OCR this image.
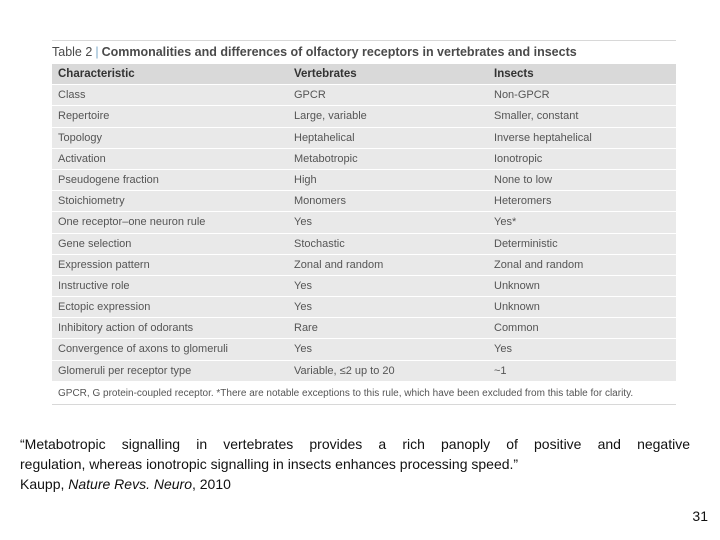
Table 2 | Commonalities and differences of olfactory receptors in vertebrates and insects
Characteristic	Vertebrates	Insects
Class	GPCR	Non-GPCR
Repertoire	Large, variable	Smaller, constant
Topology	Heptahelical	Inverse heptahelical
Activation	Metabotropic	Ionotropic
Pseudogene fraction	High	None to low
Stoichiometry	Monomers	Heteromers
One receptor–one neuron rule	Yes	Yes*
Gene selection	Stochastic	Deterministic
Expression pattern	Zonal and random	Zonal and random
Instructive role	Yes	Unknown
Ectopic expression	Yes	Unknown
Inhibitory action of odorants	Rare	Common
Convergence of axons to glomeruli	Yes	Yes
Glomeruli per receptor type	Variable, ≤2 up to 20	~1
GPCR, G protein-coupled receptor. *There are notable exceptions to this rule, which have been excluded from this table for clarity.
“Metabotropic signalling in vertebrates provides a rich panoply of positive and negative
regulation, whereas ionotropic signalling in insects enhances processing speed.”
Kaupp, Nature Revs. Neuro, 2010
31
